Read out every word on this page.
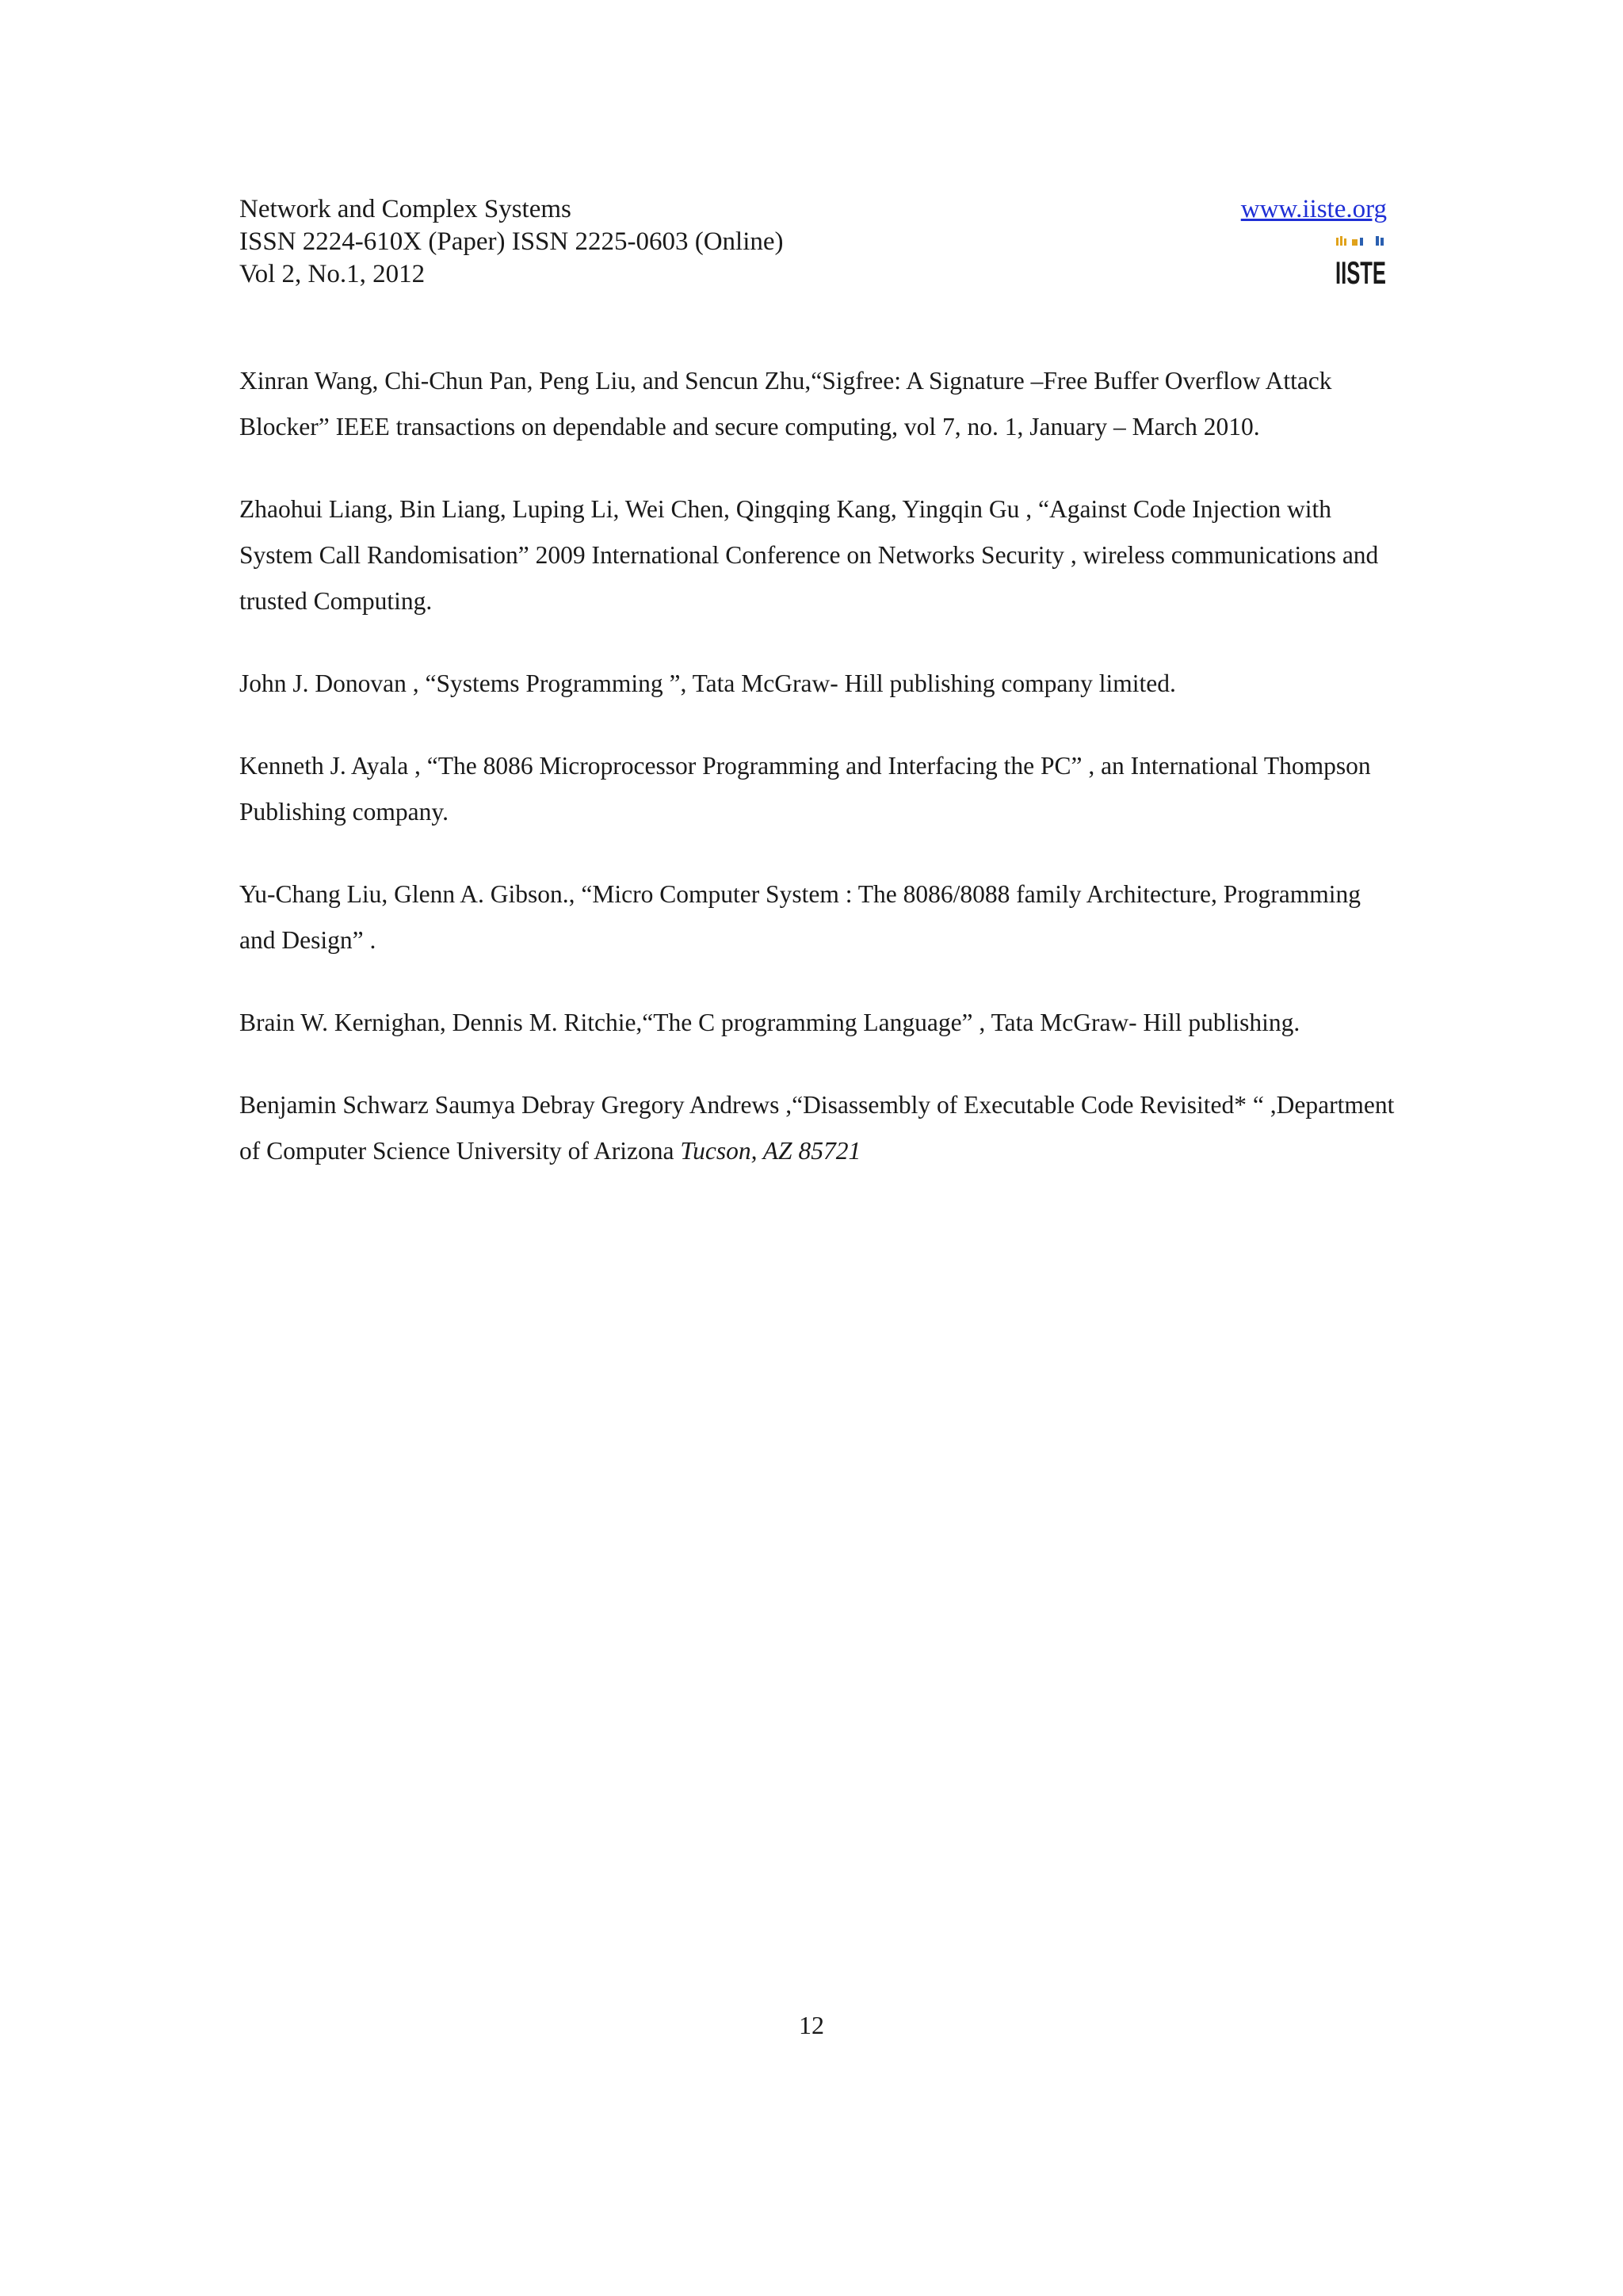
Network and Complex Systems
ISSN 2224-610X (Paper) ISSN 2225-0603 (Online)
Vol 2, No.1, 2012
www.iiste.org
IISTE

Xinran Wang, Chi-Chun Pan, Peng Liu, and Sencun Zhu,“Sigfree: A Signature –Free Buffer Overflow Attack Blocker” IEEE transactions on dependable and secure computing, vol 7, no. 1, January – March 2010.

Zhaohui Liang, Bin Liang, Luping Li, Wei Chen, Qingqing Kang, Yingqin Gu , “Against Code Injection with System Call Randomisation” 2009 International Conference on Networks Security , wireless communications and trusted Computing.

John J. Donovan , “Systems Programming ”, Tata McGraw- Hill publishing company limited.

Kenneth J. Ayala , “The 8086 Microprocessor Programming and Interfacing the PC” , an International Thompson Publishing company.

Yu-Chang Liu, Glenn A. Gibson., “Micro Computer System : The 8086/8088 family Architecture, Programming and Design” .

Brain W. Kernighan, Dennis M. Ritchie,“The C programming Language” , Tata McGraw- Hill publishing.

Benjamin Schwarz Saumya Debray Gregory Andrews ,“Disassembly of Executable Code Revisited* “ ,Department of Computer Science University of Arizona Tucson, AZ 85721

12
